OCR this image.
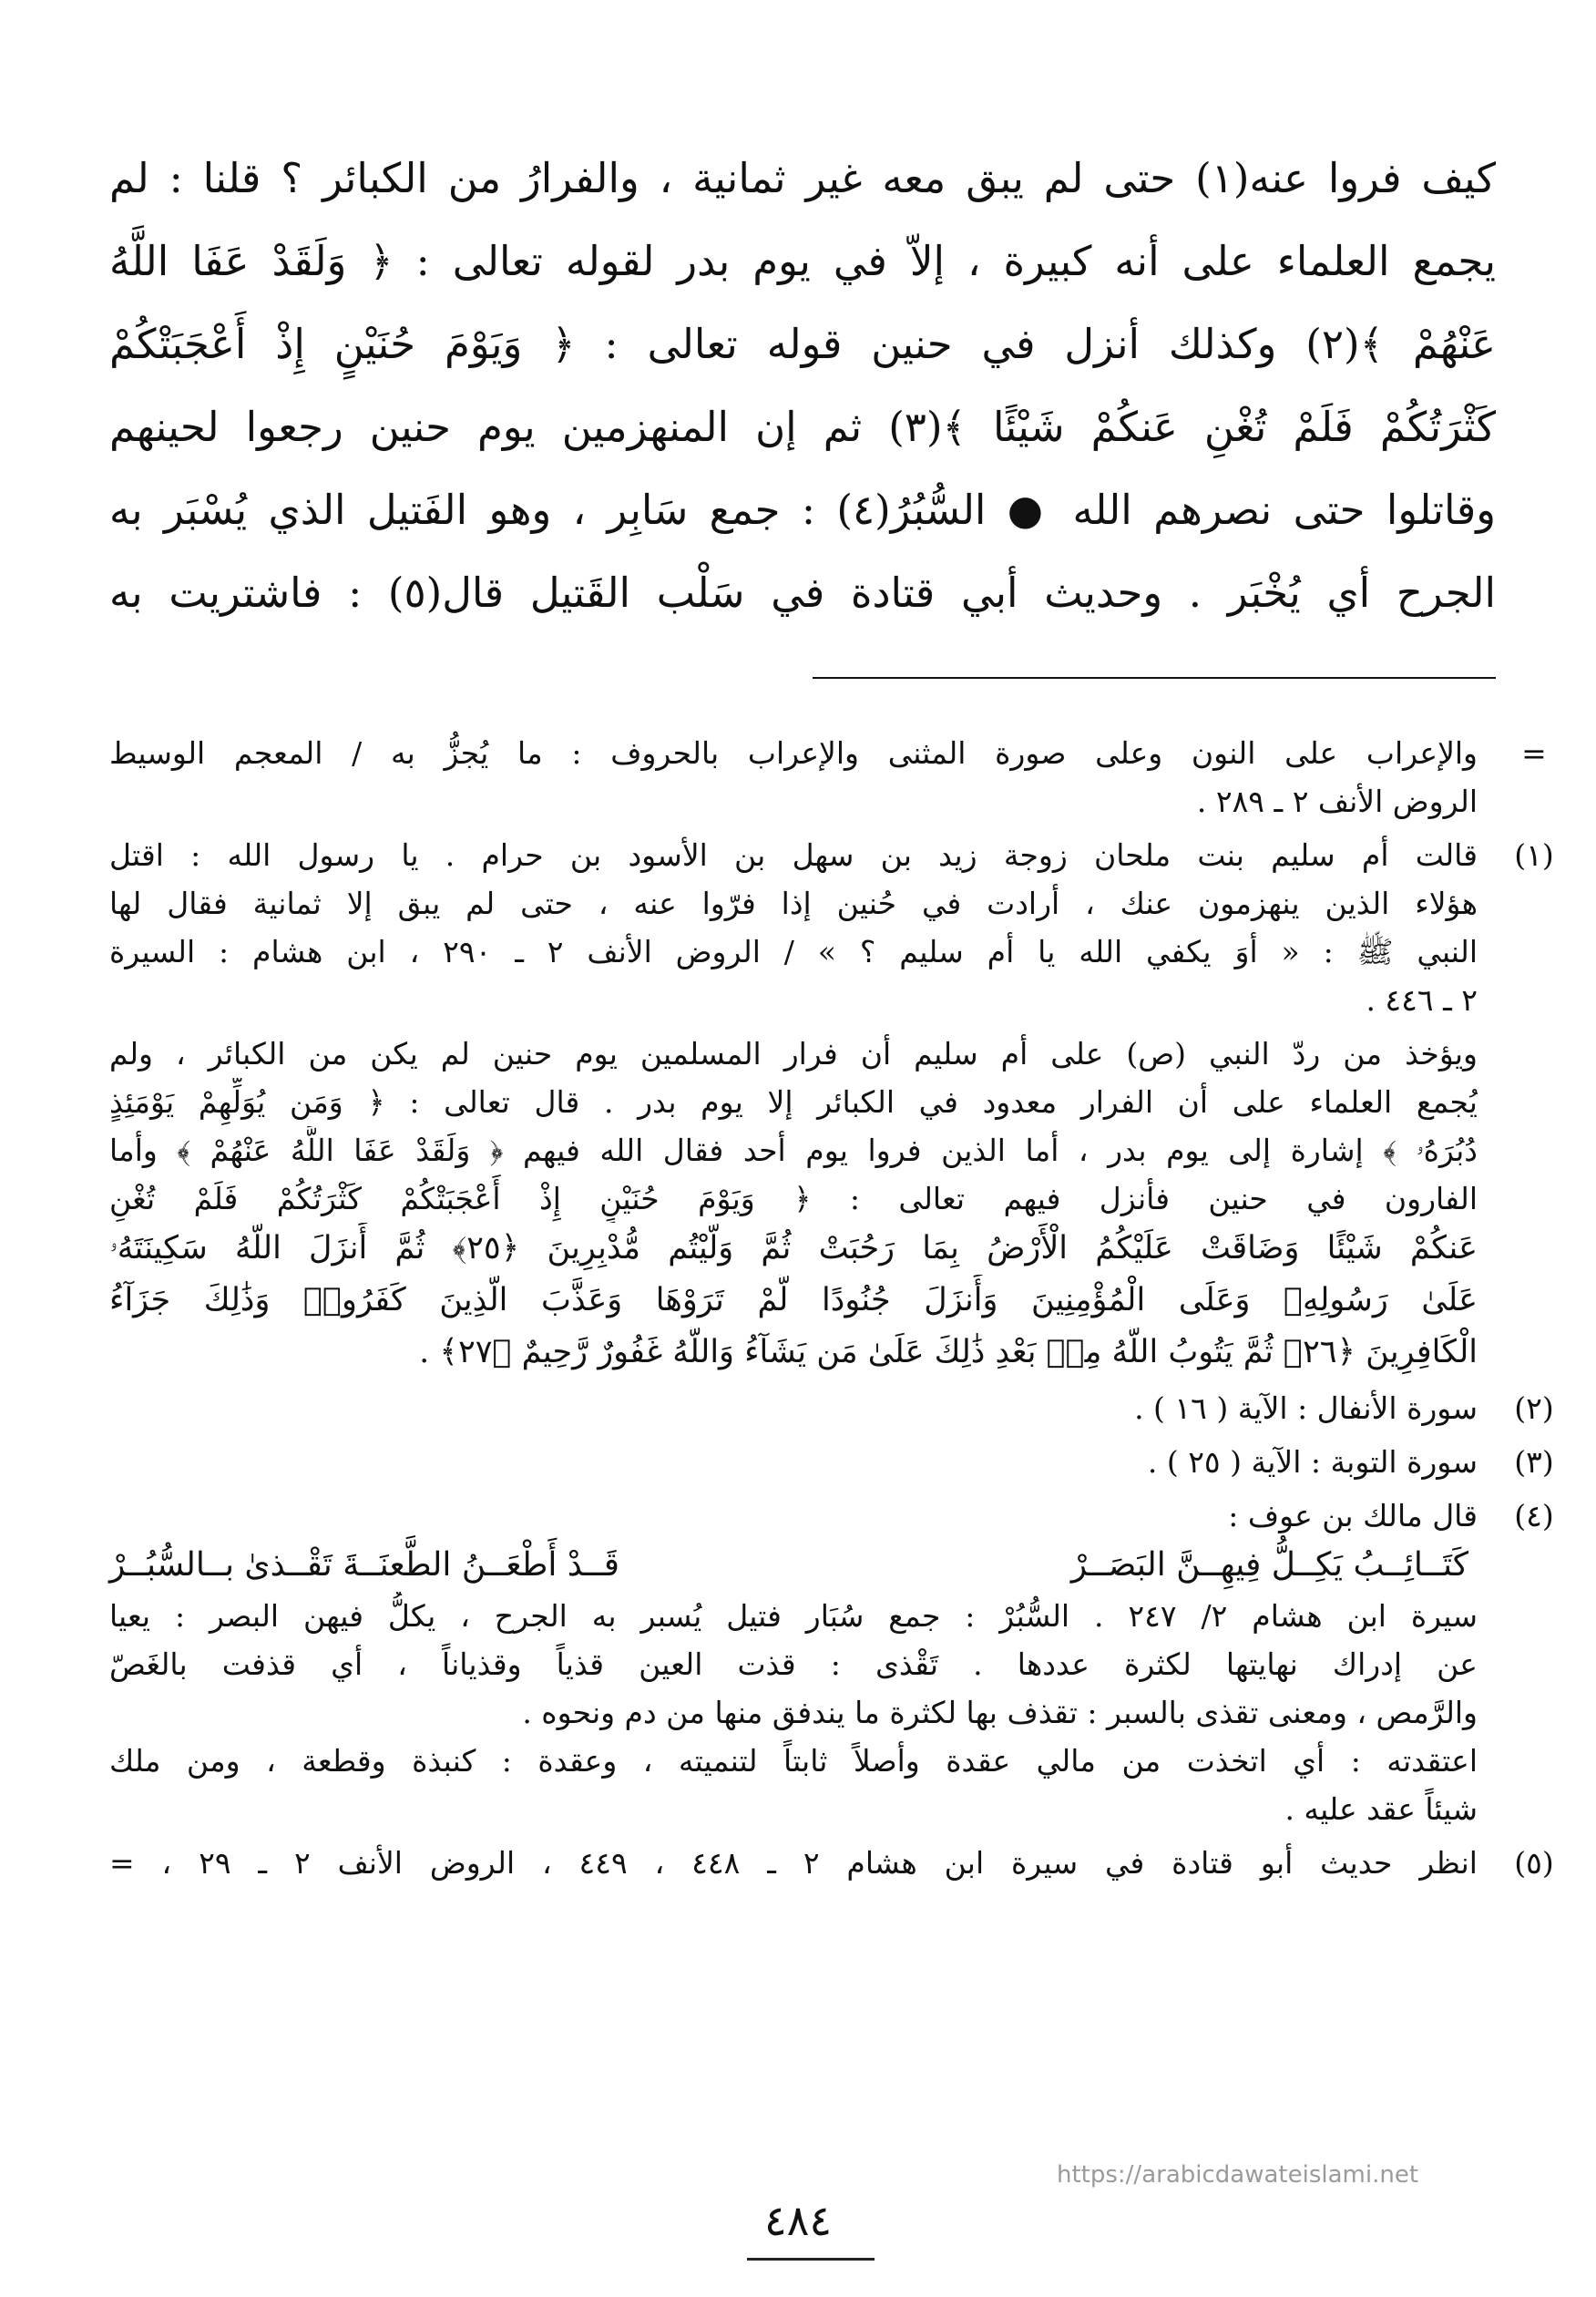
كيف فروا عنه(١) حتى لم يبق معه غير ثمانية ، والفرارُ من الكبائر ؟ قلنا : لم
يجمع العلماء على أنه كبيرة ، إلاّ في يوم بدر لقوله تعالى : ﴿ وَلَقَدْ عَفَا اللَّهُ
عَنْهُمْ ﴾(٢) وكذلك أنزل في حنين قوله تعالى : ﴿ وَيَوْمَ حُنَيْنٍ إِذْ أَعْجَبَتْكُمْ
كَثْرَتُكُمْ فَلَمْ تُغْنِ عَنكُمْ شَيْئًا ﴾(٣) ثم إن المنهزمين يوم حنين رجعوا لحينهم
وقاتلوا حتى نصرهم الله ● السُّبُرُ(٤) : جمع سَابِر ، وهو الفَتيل الذي يُسْبَر به
الجرح أي يُخْبَر . وحديث أبي قتادة في سَلْب القَتيل قال(٥) : فاشتريت به
=
والإعراب على النون وعلى صورة المثنى والإعراب بالحروف : ما يُجزُّ به / المعجم الوسيط
الروض الأنف ٢ ـ ٢٨٩ .
(١)
قالت أم سليم بنت ملحان زوجة زيد بن سهل بن الأسود بن حرام . يا رسول الله : اقتل
هؤلاء الذين ينهزمون عنك ، أرادت في حُنين إذا فرّوا عنه ، حتى لم يبق إلا ثمانية فقال لها
النبي ﷺ : « أوَ يكفي الله يا أم سليم ؟ » / الروض الأنف ٢ ـ ٢٩٠ ، ابن هشام : السيرة
٢ ـ ٤٤٦ .
ويؤخذ من ردّ النبي (ص) على أم سليم أن فرار المسلمين يوم حنين لم يكن من الكبائر ، ولم
يُجمع العلماء على أن الفرار معدود في الكبائر إلا يوم بدر . قال تعالى : ﴿ وَمَن يُوَلِّهِمْ يَوْمَئِذٍ
دُبُرَهُۥ ﴾ إشارة إلى يوم بدر ، أما الذين فروا يوم أحد فقال الله فيهم ﴿ وَلَقَدْ عَفَا اللَّهُ عَنْهُمْ ﴾ وأما
الفارون في حنين فأنزل فيهم تعالى : ﴿ وَيَوْمَ حُنَيْنٍ إِذْ أَعْجَبَتْكُمْ كَثْرَتُكُمْ فَلَمْ تُغْنِ
عَنكُمْ شَيْئًا وَضَاقَتْ عَلَيْكُمُ الْأَرْضُ بِمَا رَحُبَتْ ثُمَّ وَلَّيْتُم مُّدْبِرِينَ ﴿٢٥﴾ ثُمَّ أَنزَلَ اللَّهُ سَكِينَتَهُۥ
عَلَىٰ رَسُولِهِۦ وَعَلَى الْمُؤْمِنِينَ وَأَنزَلَ جُنُودًا لَّمْ تَرَوْهَا وَعَذَّبَ الَّذِينَ كَفَرُوا۟ وَذَٰلِكَ جَزَآءُ
الْكَافِرِينَ ﴿٢٦﴾ ثُمَّ يَتُوبُ اللَّهُ مِنۢ بَعْدِ ذَٰلِكَ عَلَىٰ مَن يَشَآءُ وَاللَّهُ غَفُورٌ رَّحِيمٌ ﴿٢٧﴾ .
(٢)
سورة الأنفال : الآية ( ١٦ ) .
(٣)
سورة التوبة : الآية ( ٢٥ ) .
(٤)
قال مالك بن عوف :
كَتَــائِــبُ يَكِــلُّ فِيهِــنَّ البَصَــرْ
قَــدْ أَطْعَــنُ الطَّعنَــةَ تَقْــذىٰ بــالسُّبُــرْ
سيرة ابن هشام ٢/ ٢٤٧ . السُّبُرْ : جمع سُبَار فتيل يُسبر به الجرح ، يكلُّ فيهن البصر : يعيا
عن إدراك نهايتها لكثرة عددها . تَقْذى : قذت العين قذياً وقذياناً ، أي قذفت بالغَصّ
والرَّمص ، ومعنى تقذى بالسبر : تقذف بها لكثرة ما يندفق منها من دم ونحوه .
اعتقدته : أي اتخذت من مالي عقدة وأصلاً ثابتاً لتنميته ، وعقدة : كنبذة وقطعة ، ومن ملك
شيئاً عقد عليه .
(٥)
انظر حديث أبو قتادة في سيرة ابن هشام ٢ ـ ٤٤٨ ، ٤٤٩ ، الروض الأنف ٢ ـ ٢٩ ، =
https://arabicdawateislami.net
٤٨٤
